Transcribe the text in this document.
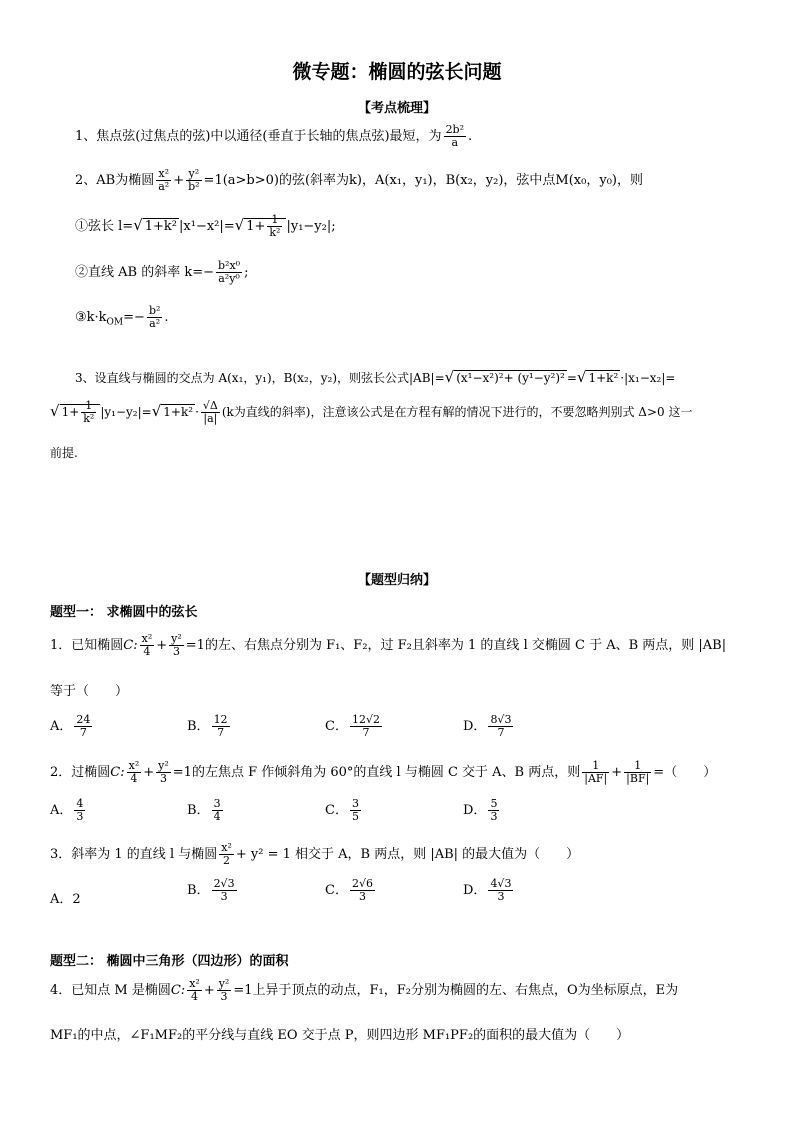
微专题：椭圆的弦长问题
【考点梳理】
1、焦点弦(过焦点的弦)中以通径(垂直于长轴的焦点弦)最短，为 $\frac{\text{2b²}}{a}$ .
2、AB为椭圆 $\frac{\text{x²}}{\text{a²}} + \frac{\text{y²}}{\text{b²}} =1(a>b>0)$的弦(斜率为k)，A(x₁，y₁)，B(x₂，y₂)，弦中点M(x₀，y₀)，则
①弦长 l=√ 1+k² |x¹−x²|=√ $1+ \frac{1}{\text{k²}} |y_1-y_2|$;
②直线 AB 的斜率 $k=- \frac{\text{b²x⁰}}{\text{a²y⁰}}$ ;
$③k\cdot k_{OM}=- \frac{\text{b²}}{\text{a²}}$ .
3、设直线与椭圆的交点为 A(x₁，y₁)，B(x₂，y₂)，则弦长公式|AB|=√ (x¹−x²)²+ (y¹−y²)² =√ 1+k² ·|x₁−x₂|=
√ $1+ \frac{1}{\text{k²}} |y_1-y_2|=√$ $1+k^2 \cdot \frac{√\Delta}{|a|} (k$为直线的斜率)，注意该公式是在方程有解的情况下进行的，不要忽略判别式 Δ>0 这一
前提.
【题型归纳】
题型一： 求椭圆中的弦长
1．已知椭圆C: $\frac{\text{x²}}{4} + \frac{\text{y²}}{3} =1$的左、右焦点分别为 F₁、F₂，过 F₂且斜率为 1 的直线 l 交椭圆 C 于 A、B 两点，则 |AB|
等于（　　）
A． $\frac{24}{7}$	B． $\frac{12}{7}$	C． $\frac{12√2}{7}$	D． $\frac{8√3}{7}$
2．过椭圆C: $\frac{\text{x²}}{4} + \frac{\text{y²}}{3} =1$的左焦点 F 作倾斜角为 60°的直线 l 与椭圆 C 交于 A、B 两点，则 $\frac{1}{|AF|} + \frac{1}{|BF|}$ =（　　）
A． $\frac{4}{3}$	B． $\frac{3}{4}$	C． $\frac{3}{5}$	D． $\frac{5}{3}$
3．斜率为 1 的直线 l 与椭圆 $\frac{\text{x²}}{2} + y^2 = 1$ 相交于 A，B 两点，则 |AB| 的最大值为（　　）
A．2
B． $\frac{2√3}{3}$	C． $\frac{2√6}{3}$	D． $\frac{4√3}{3}$
题型二： 椭圆中三角形（四边形）的面积
4．已知点 M 是椭圆C: $\frac{\text{x²}}{4} + \frac{\text{y²}}{3} =1$上异于顶点的动点，F₁，F₂分别为椭圆的左、右焦点，O为坐标原点，E为
MF₁的中点，∠F₁MF₂的平分线与直线 EO 交于点 P，则四边形 MF₁PF₂的面积的最大值为（　　）
